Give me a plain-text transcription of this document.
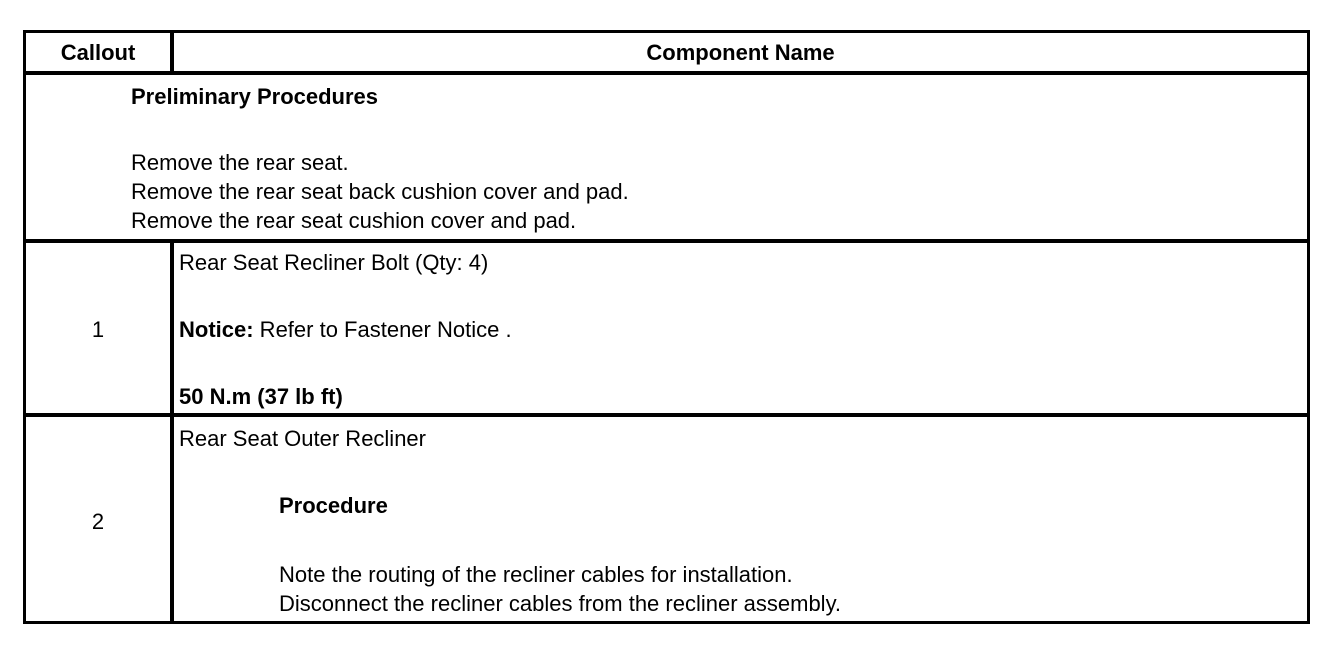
Callout	Component Name
Preliminary Procedures
Remove the rear seat.
Remove the rear seat back cushion cover and pad.
Remove the rear seat cushion cover and pad.
1
Rear Seat Recliner Bolt (Qty: 4)
Notice: Refer to Fastener Notice .
50 N.m (37 lb ft)
2
Rear Seat Outer Recliner
Procedure
Note the routing of the recliner cables for installation.
Disconnect the recliner cables from the recliner assembly.
